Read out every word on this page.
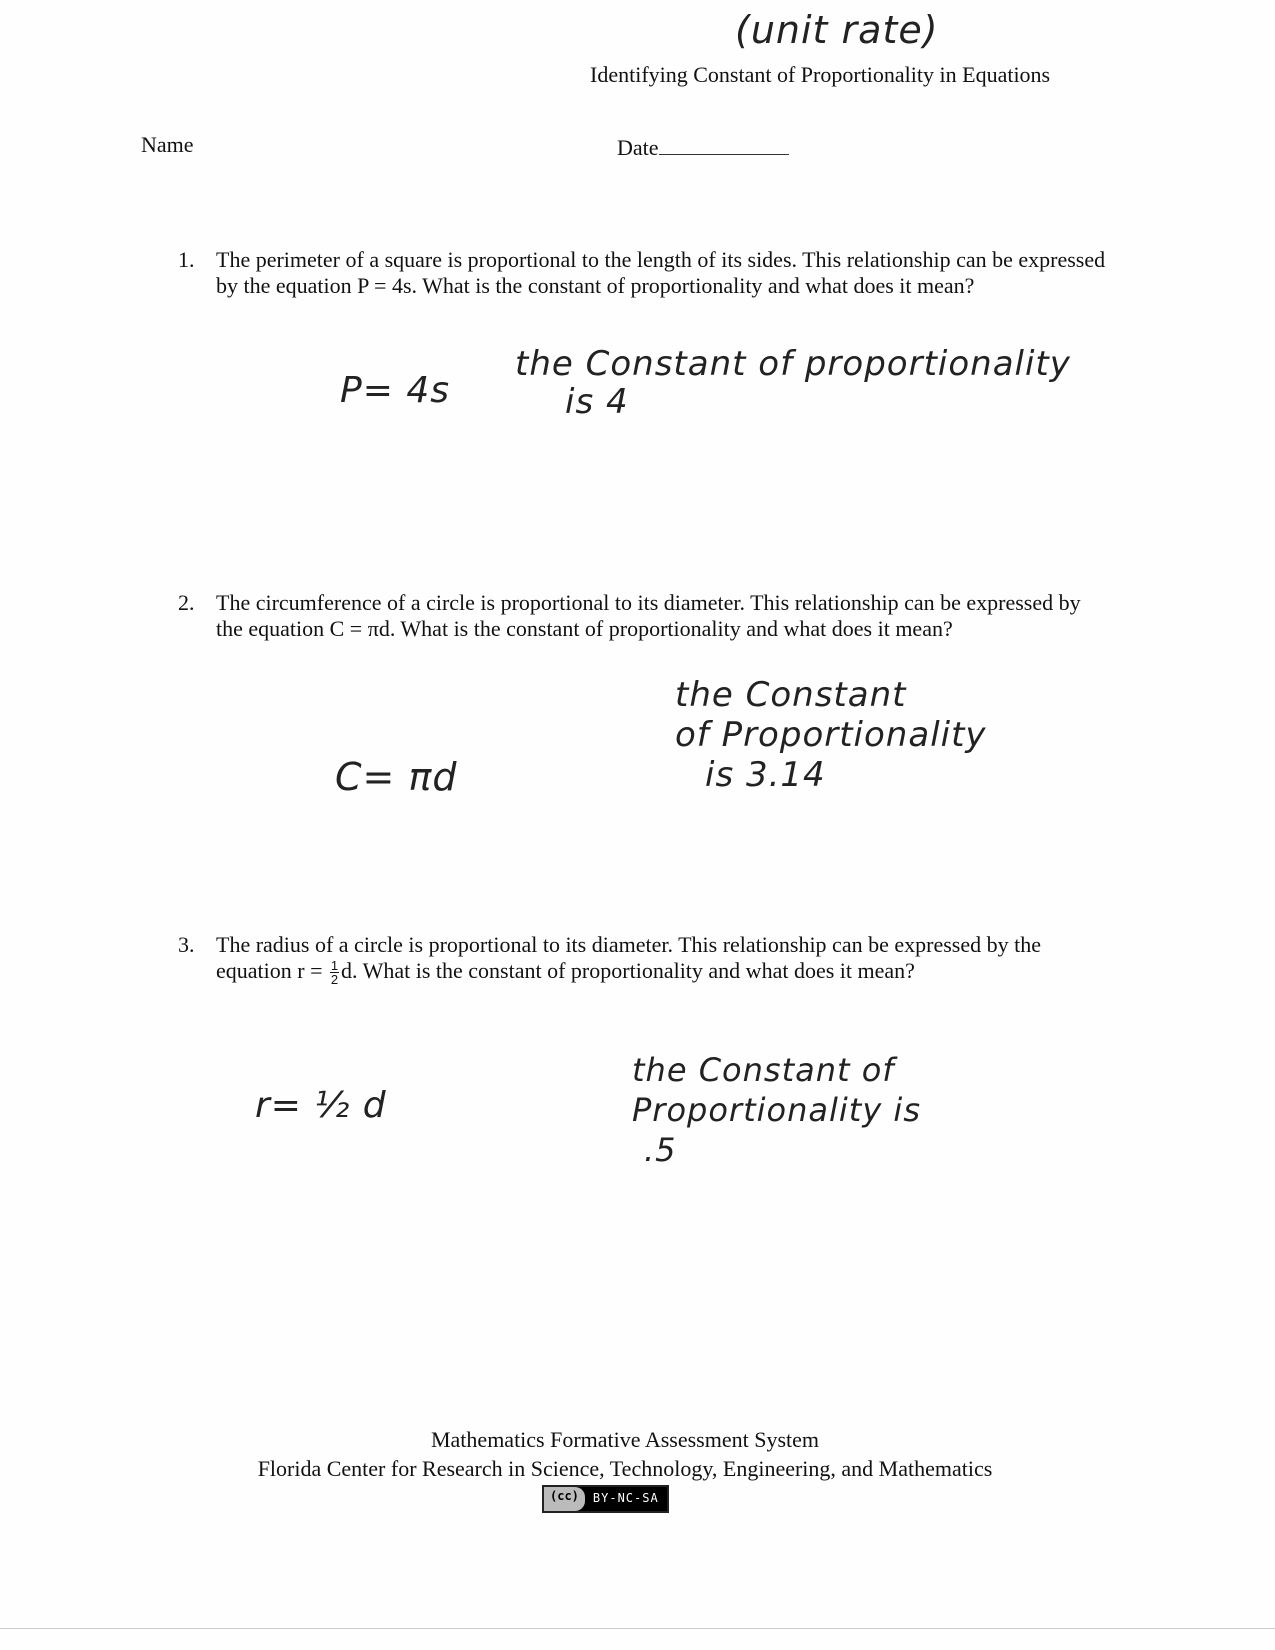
(unit rate)
Identifying Constant of Proportionality in Equations
Name	Date
1. The perimeter of a square is proportional to the length of its sides. This relationship can be expressed by the equation P = 4s. What is the constant of proportionality and what does it mean?
P= 4s
the Constant of proportionality
is 4
2. The circumference of a circle is proportional to its diameter. This relationship can be expressed by the equation C = πd. What is the constant of proportionality and what does it mean?
C= πd
the Constant
of Proportionality
is 3.14
3. The radius of a circle is proportional to its diameter. This relationship can be expressed by the equation $r = \frac{1}{2} d$. What is the constant of proportionality and what does it mean?
r= ½ d
the Constant of
Proportionality is
.5
Mathematics Formative Assessment System
Florida Center for Research in Science, Technology, Engineering, and Mathematics
(cc)	BY-NC-SA
